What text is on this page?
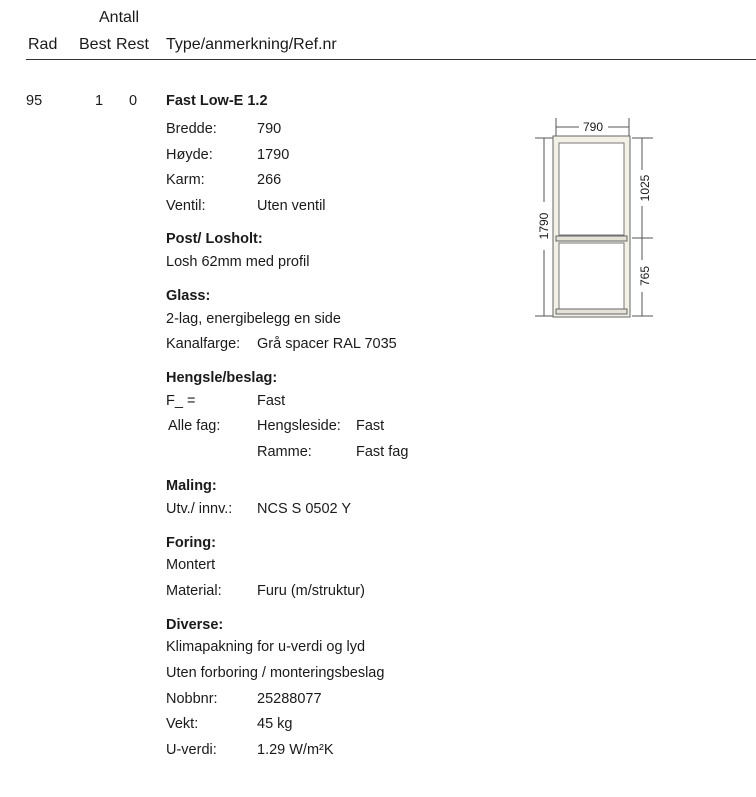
Antall
Rad Best Rest Type/anmerkning/Ref.nr
95	1 0 Fast Low-E 1.2
Bredde:	790
Høyde:	1790
Karm:	266
Ventil:	Uten ventil
Post/ Losholt:
Losh 62mm med profil
Glass:
2-lag, energibelegg en side
Kanalfarge: Grå spacer RAL 7035
Hengsle/beslag:
F_ =	Fast
Alle fag:	Hengsleside: Fast
Ramme:	Fast fag
Maling:
Utv./ innv.: NCS S 0502 Y
Foring:
Montert
Material: Furu (m/struktur)
Diverse:
Klimapakning for u-verdi og lyd
Uten forboring / monteringsbeslag
Nobbnr:	25288077
Vekt:	45 kg
U-verdi:	1.29 W/m²K
790
1790
1025
765
